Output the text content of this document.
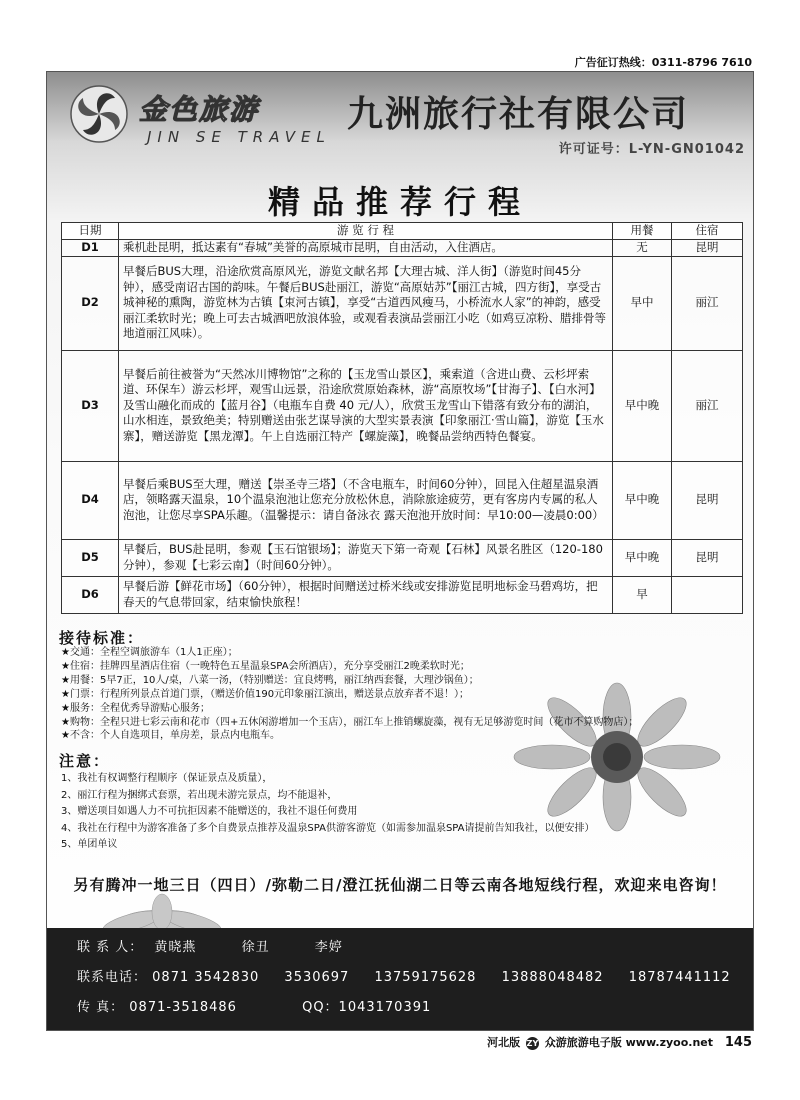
广告征订热线：0311-8796 7610
金色旅游
JIN SE TRAVEL
九洲旅行社有限公司
许可证号：L-YN-GN01042
精品推荐行程
日期	游 览 行 程	用餐	住宿
D1	乘机赴昆明，抵达素有“春城”美誉的高原城市昆明，自由活动，入住酒店。	无	昆明
D2	早餐后BUS大理，沿途欣赏高原风光，游览文献名邦【大理古城、洋人街】（游览时间45分钟），感受南诏古国的韵味。午餐后BUS赴丽江，游览“高原姑苏”【丽江古城，四方街】，享受古城神秘的熏陶，游览林为古镇【束河古镇】，享受“古道西风瘦马，小桥流水人家”的神韵，感受丽江柔软时光；晚上可去古城酒吧放浪体验，或观看表演品尝丽江小吃（如鸡豆凉粉、腊排骨等地道丽江风味）。	早中	丽江
D3	早餐后前往被誉为“天然冰川博物馆”之称的【玉龙雪山景区】，乘索道（含进山费、云杉坪索道、环保车）游云杉坪，观雪山远景，沿途欣赏原始森林，游“高原牧场”【甘海子】、【白水河】及雪山融化而成的【蓝月谷】（电瓶车自费 40 元/人），欣赏玉龙雪山下错落有致分布的湖泊，山水相连，景致绝美；特别赠送由张艺谋导演的大型实景表演【印象丽江·雪山篇】，游览【玉水寨】，赠送游览【黑龙潭】。午上自选丽江特产【螺旋藻】，晚餐品尝纳西特色餐宴。	早中晚	丽江
D4	早餐后乘BUS至大理，赠送【崇圣寺三塔】（不含电瓶车，时间60分钟），回昆入住超星温泉酒店，领略露天温泉，10个温泉泡池让您充分放松休息，消除旅途疲劳，更有客房内专属的私人泡池，让您尽享SPA乐趣。（温馨提示：请自备泳衣 露天泡池开放时间：早10:00—凌晨0:00）	早中晚	昆明
D5	早餐后，BUS赴昆明，参观【玉石馆银场】；游览天下第一奇观【石林】风景名胜区（120-180分钟），参观【七彩云南】（时间60分钟）。	早中晚	昆明
D6	早餐后游【鲜花市场】（60分钟），根据时间赠送过桥米线或安排游览昆明地标金马碧鸡坊，把春天的气息带回家，结束愉快旅程！	早	
接待标准：
★交通：全程空调旅游车（1人1正座）；
★住宿：挂牌四星酒店住宿（一晚特色五星温泉SPA会所酒店），充分享受丽江2晚柔软时光；
★用餐：5早7正，10人/桌，八菜一汤，（特别赠送：宜良烤鸭，丽江纳西套餐，大理沙锅鱼）；
★门票：行程所列景点首道门票，（赠送价值190元印象丽江演出，赠送景点放弃者不退！）；
★服务：全程优秀导游贴心服务；
★购物：全程只进七彩云南和花市（四+五休闲游增加一个玉店），丽江车上推销螺旋藻，视有无足够游览时间（花市不算购物店）；
★不含：个人自选项目，单房差，景点内电瓶车。
注意：
1、我社有权调整行程顺序（保证景点及质量），
2、丽江行程为捆绑式套票，若出现未游完景点，均不能退补，
3、赠送项目如遇人力不可抗拒因素不能赠送的，我社不退任何费用
4、我社在行程中为游客准备了多个自费景点推荐及温泉SPA供游客游览（如需参加温泉SPA请提前告知我社，以便安排）
5、单团单议
另有腾冲一地三日（四日）/弥勒二日/澄江抚仙湖二日等云南各地短线行程，欢迎来电咨询！
联 系 人： 黄晓燕	徐丑	李婷
联系电话： 0871 3542830 3530697 13759175628 13888048482 18787441112
传 真： 0871-3518486	QQ：1043170391
河北版 ZY 众游旅游电子版 www.zyoo.net 145
